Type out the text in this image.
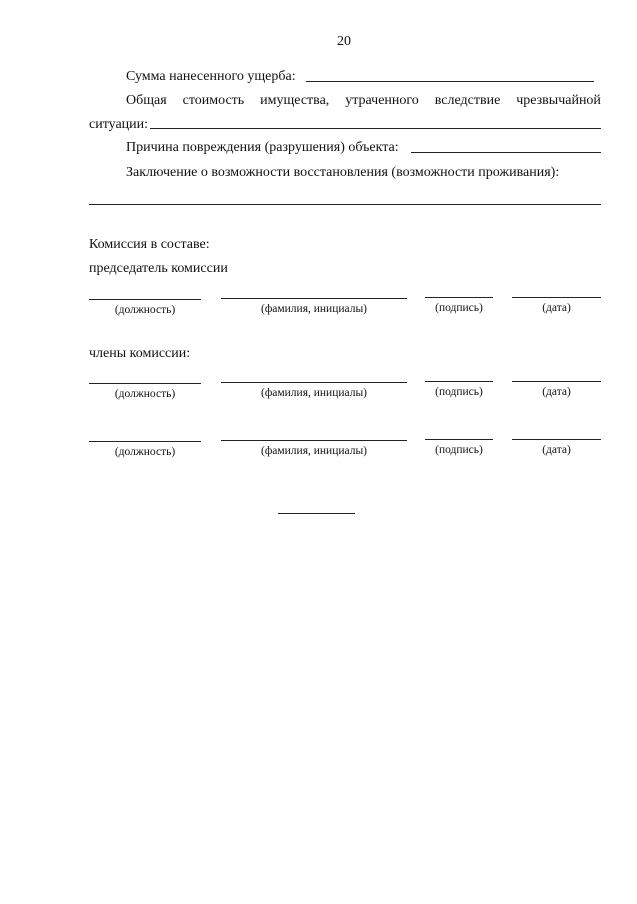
20
Сумма нанесенного ущерба:
Общая стоимость имущества, утраченного вследствие чрезвычайной
ситуации:
Причина повреждения (разрушения) объекта:
Заключение о возможности восстановления (возможности проживания):
Комиссия в составе:
председатель комиссии
(должность)	(фамилия, инициалы)	(подпись)	(дата)
члены комиссии:
(должность)	(фамилия, инициалы)	(подпись)	(дата)
(должность)	(фамилия, инициалы)	(подпись)	(дата)
